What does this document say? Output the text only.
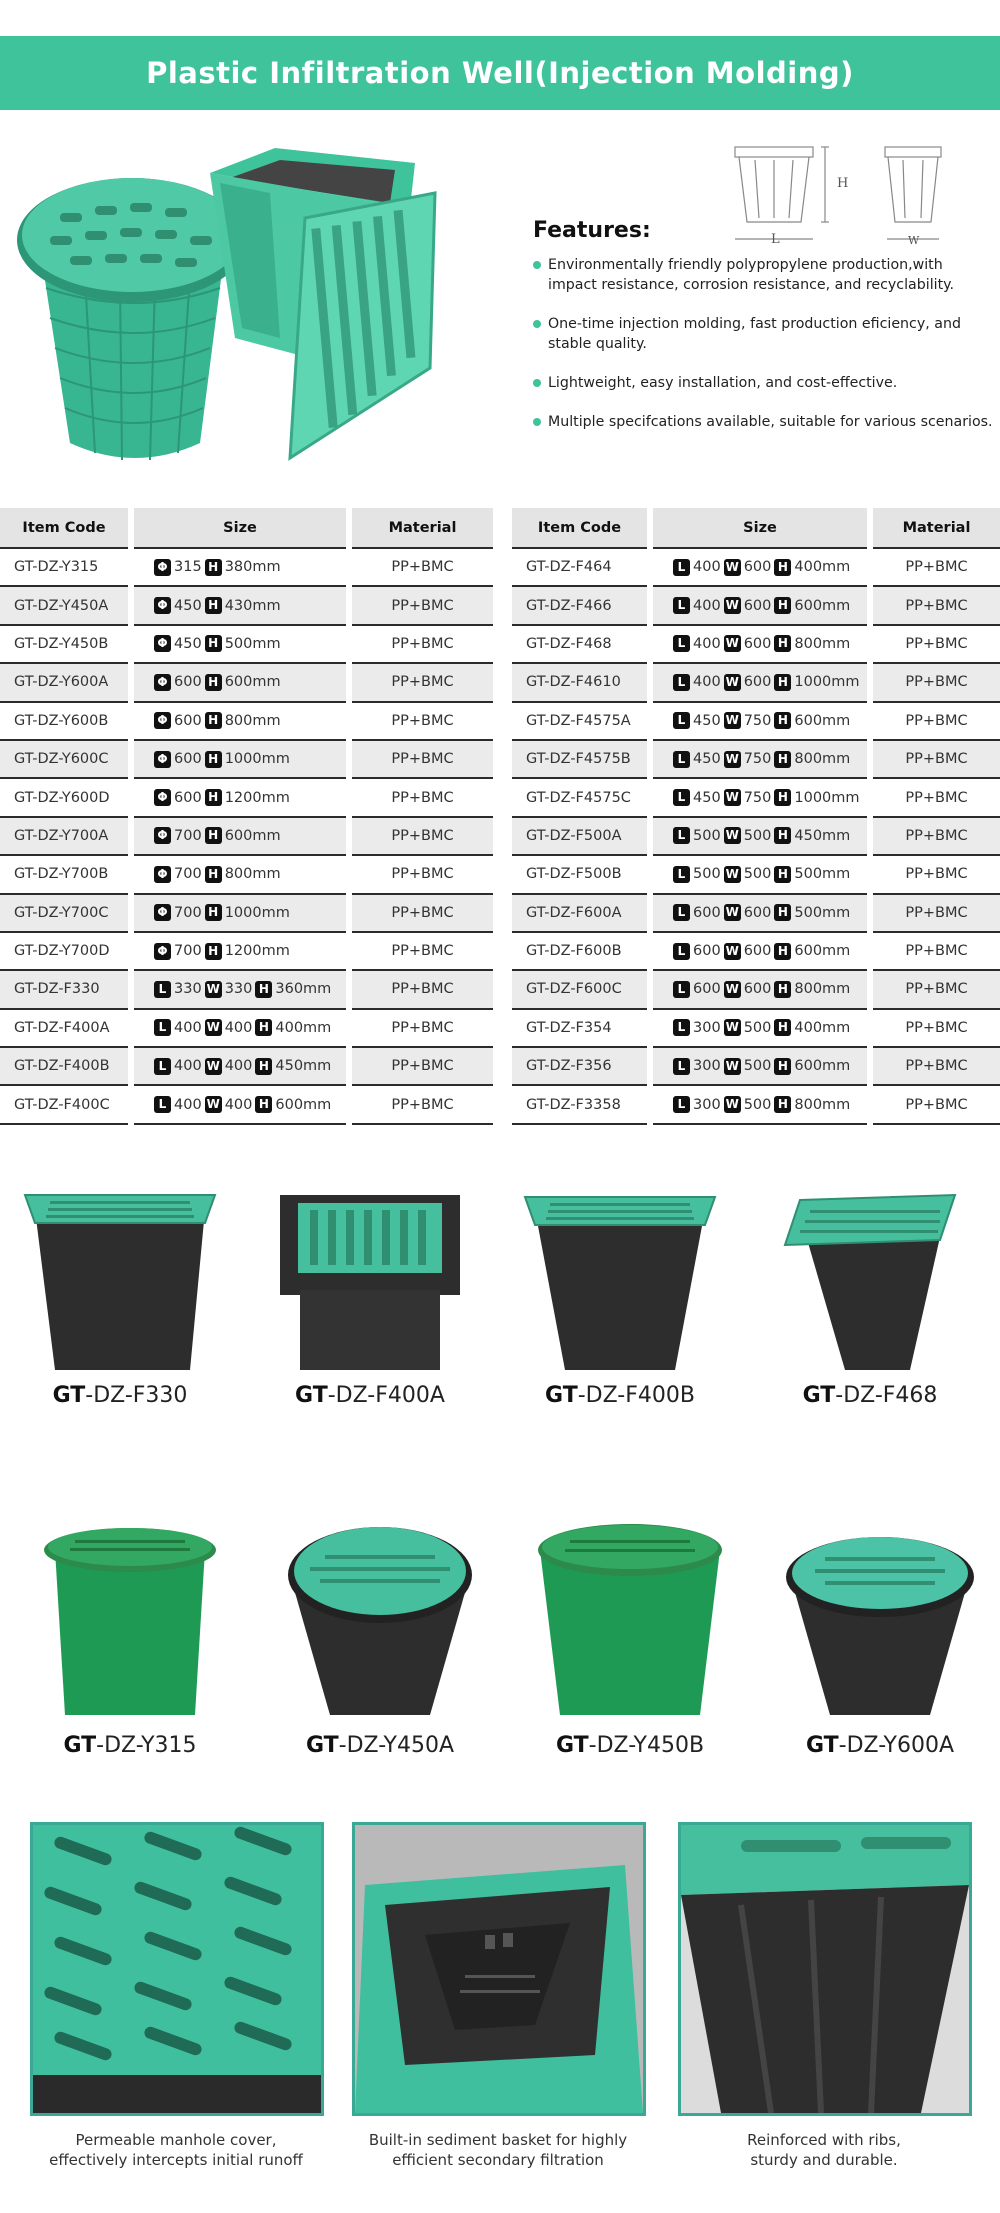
Plastic Infiltration Well(Injection Molding)
H
L	W
Features:
Environmentally friendly polypropylene production,with impact resistance, corrosion resistance, and recyclability.
One-time injection molding, fast production eficiency, and stable quality.
Lightweight, easy installation, and cost-effective.
Multiple specifcations available, suitable for various scenarios.
Item Code		Size		Material
GT-DZ-Y315		Φ 315 H 380mm		PP+BMC
GT-DZ-Y450A		Φ 450 H 430mm		PP+BMC
GT-DZ-Y450B		Φ 450 H 500mm		PP+BMC
GT-DZ-Y600A		Φ 600 H 600mm		PP+BMC
GT-DZ-Y600B		Φ 600 H 800mm		PP+BMC
GT-DZ-Y600C		Φ 600 H 1000mm		PP+BMC
GT-DZ-Y600D		Φ 600 H 1200mm		PP+BMC
GT-DZ-Y700A		Φ 700 H 600mm		PP+BMC
GT-DZ-Y700B		Φ 700 H 800mm		PP+BMC
GT-DZ-Y700C		Φ 700 H 1000mm		PP+BMC
GT-DZ-Y700D		Φ 700 H 1200mm		PP+BMC
GT-DZ-F330		L 330 W 330 H 360mm		PP+BMC
GT-DZ-F400A		L 400 W 400 H 400mm		PP+BMC
GT-DZ-F400B		L 400 W 400 H 450mm		PP+BMC
GT-DZ-F400C		L 400 W 400 H 600mm		PP+BMC
Item Code		Size		Material
GT-DZ-F464		L 400 W 600 H 400mm		PP+BMC
GT-DZ-F466		L 400 W 600 H 600mm		PP+BMC
GT-DZ-F468		L 400 W 600 H 800mm		PP+BMC
GT-DZ-F4610		L 400 W 600 H 1000mm		PP+BMC
GT-DZ-F4575A		L 450 W 750 H 600mm		PP+BMC
GT-DZ-F4575B		L 450 W 750 H 800mm		PP+BMC
GT-DZ-F4575C		L 450 W 750 H 1000mm		PP+BMC
GT-DZ-F500A		L 500 W 500 H 450mm		PP+BMC
GT-DZ-F500B		L 500 W 500 H 500mm		PP+BMC
GT-DZ-F600A		L 600 W 600 H 500mm		PP+BMC
GT-DZ-F600B		L 600 W 600 H 600mm		PP+BMC
GT-DZ-F600C		L 600 W 600 H 800mm		PP+BMC
GT-DZ-F354		L 300 W 500 H 400mm		PP+BMC
GT-DZ-F356		L 300 W 500 H 600mm		PP+BMC
GT-DZ-F3358		L 300 W 500 H 800mm		PP+BMC
GT-DZ-F330	GT-DZ-F400A	GT-DZ-F400B	GT-DZ-F468
GT-DZ-Y315	GT-DZ-Y450A	GT-DZ-Y450B	GT-DZ-Y600A
Permeable manhole cover,
effectively intercepts initial runoff
Built-in sediment basket for highly
efficient secondary filtration
Reinforced with ribs,
sturdy and durable.
